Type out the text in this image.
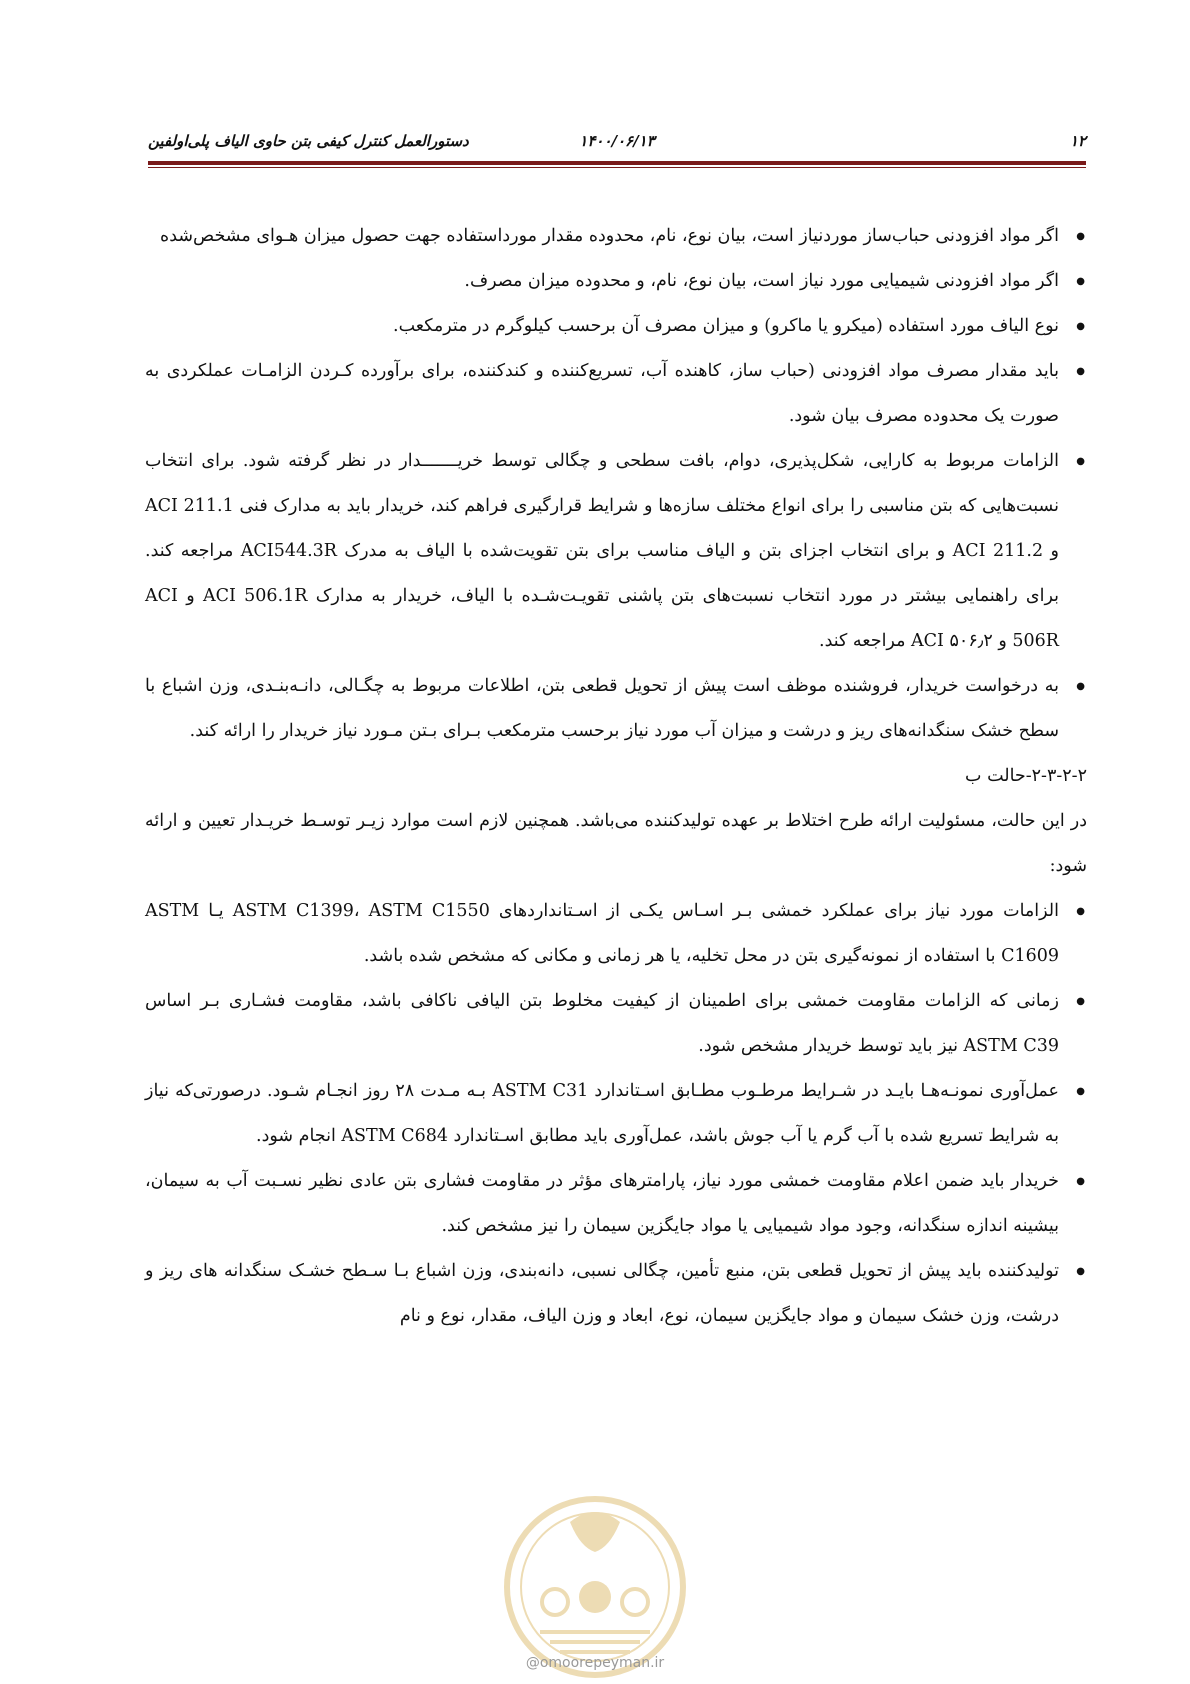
۱۲
۱۴۰۰/۰۶/۱۳
دستورالعمل کنترل کیفی بتن حاوی الیاف پلی‌اولفین
● اگر مواد افزودنی حباب‌ساز موردنیاز است، بیان نوع، نام، محدوده مقدار مورداستفاده جهت حصول میزان هـوای مشخص‌شده
● اگر مواد افزودنی شیمیایی مورد نیاز است، بیان نوع، نام، و محدوده میزان مصرف.
● نوع الیاف مورد استفاده (میکرو یا ماکرو) و میزان مصرف آن برحسب کیلوگرم در مترمکعب.
● باید مقدار مصرف مواد افزودنی (حباب ساز، کاهنده آب، تسریع‌کننده و کندکننده، برای برآورده کـردن الزامـات عملکردی به صورت یک محدوده مصرف بیان شود.
● الزامات مربوط به کارایی، شکل‌پذیری، دوام، بافت سطحی و چگالی توسط خریـــــــدار در نظر گرفته شود. برای انتخاب نسبت‌هایی که بتن مناسبی را برای انواع مختلف سازه‌ها و شرایط قرارگیری فراهم کند، خریدار باید به مدارک فنی ACI 211.1 و ACI 211.2 و برای انتخاب اجزای بتن و الیاف مناسب برای بتن تقویت‌شده با الیاف به مدرک ACI544.3R مراجعه کند. برای راهنمایی بیشتر در مورد انتخاب نسبت‌های بتن پاشنی تقویـت‌شـده با الیاف، خریدار به مدارک ACI 506.1R و ACI 506R و ACI ۵۰۶٫۲ مراجعه کند.
● به درخواست خریدار، فروشنده موظف است پیش از تحویل قطعی بتن، اطلاعات مربوط به چگـالی، دانـه‌بنـدی، وزن اشباع با سطح خشک سنگدانه‌های ریز و درشت و میزان آب مورد نیاز برحسب مترمکعب بـرای بـتن مـورد نیاز خریدار را ارائه کند.

۲-۳-۲-۲-حالت ب

در این حالت، مسئولیت ارائه طرح اختلاط بر عهده تولیدکننده می‌باشد. همچنین لازم است موارد زیـر توسـط خریـدار تعیین و ارائه شود:

● الزامات مورد نیاز برای عملکرد خمشی بـر اسـاس یکـی از اسـتانداردهای ASTM C1399، ASTM C1550 یـا ASTM C1609 با استفاده از نمونه‌گیری بتن در محل تخلیه، یا هر زمانی و مکانی که مشخص شده باشد.
● زمانی که الزامات مقاومت خمشی برای اطمینان از کیفیت مخلوط بتن الیافی ناکافی باشد، مقاومت فشـاری بـر اساس ASTM C39 نیز باید توسط خریدار مشخص شود.
● عمل‌آوری نمونـه‌هـا بایـد در شـرایط مرطـوب مطـابق اسـتاندارد ASTM C31 بـه مـدت ۲۸ روز انجـام شـود. درصورتی‌که نیاز به شرایط تسریع شده با آب گرم یا آب جوش باشد، عمل‌آوری باید مطابق اسـتاندارد ASTM C684 انجام شود.
● خریدار باید ضمن اعلام مقاومت خمشی مورد نیاز، پارامترهای مؤثر در مقاومت فشاری بتن عادی نظیر نسـبت آب به سیمان، بیشینه اندازه سنگدانه، وجود مواد شیمیایی یا مواد جایگزین سیمان را نیز مشخص کند.
● تولیدکننده باید پیش از تحویل قطعی بتن، منبع تأمین، چگالی نسبی، دانه‌بندی، وزن اشباع بـا سـطح خشـک سنگدانه های ریز و درشت، وزن خشک سیمان و مواد جایگزین سیمان، نوع، ابعاد و وزن الیاف، مقدار، نوع و نام
@omoorepeyman.ir
